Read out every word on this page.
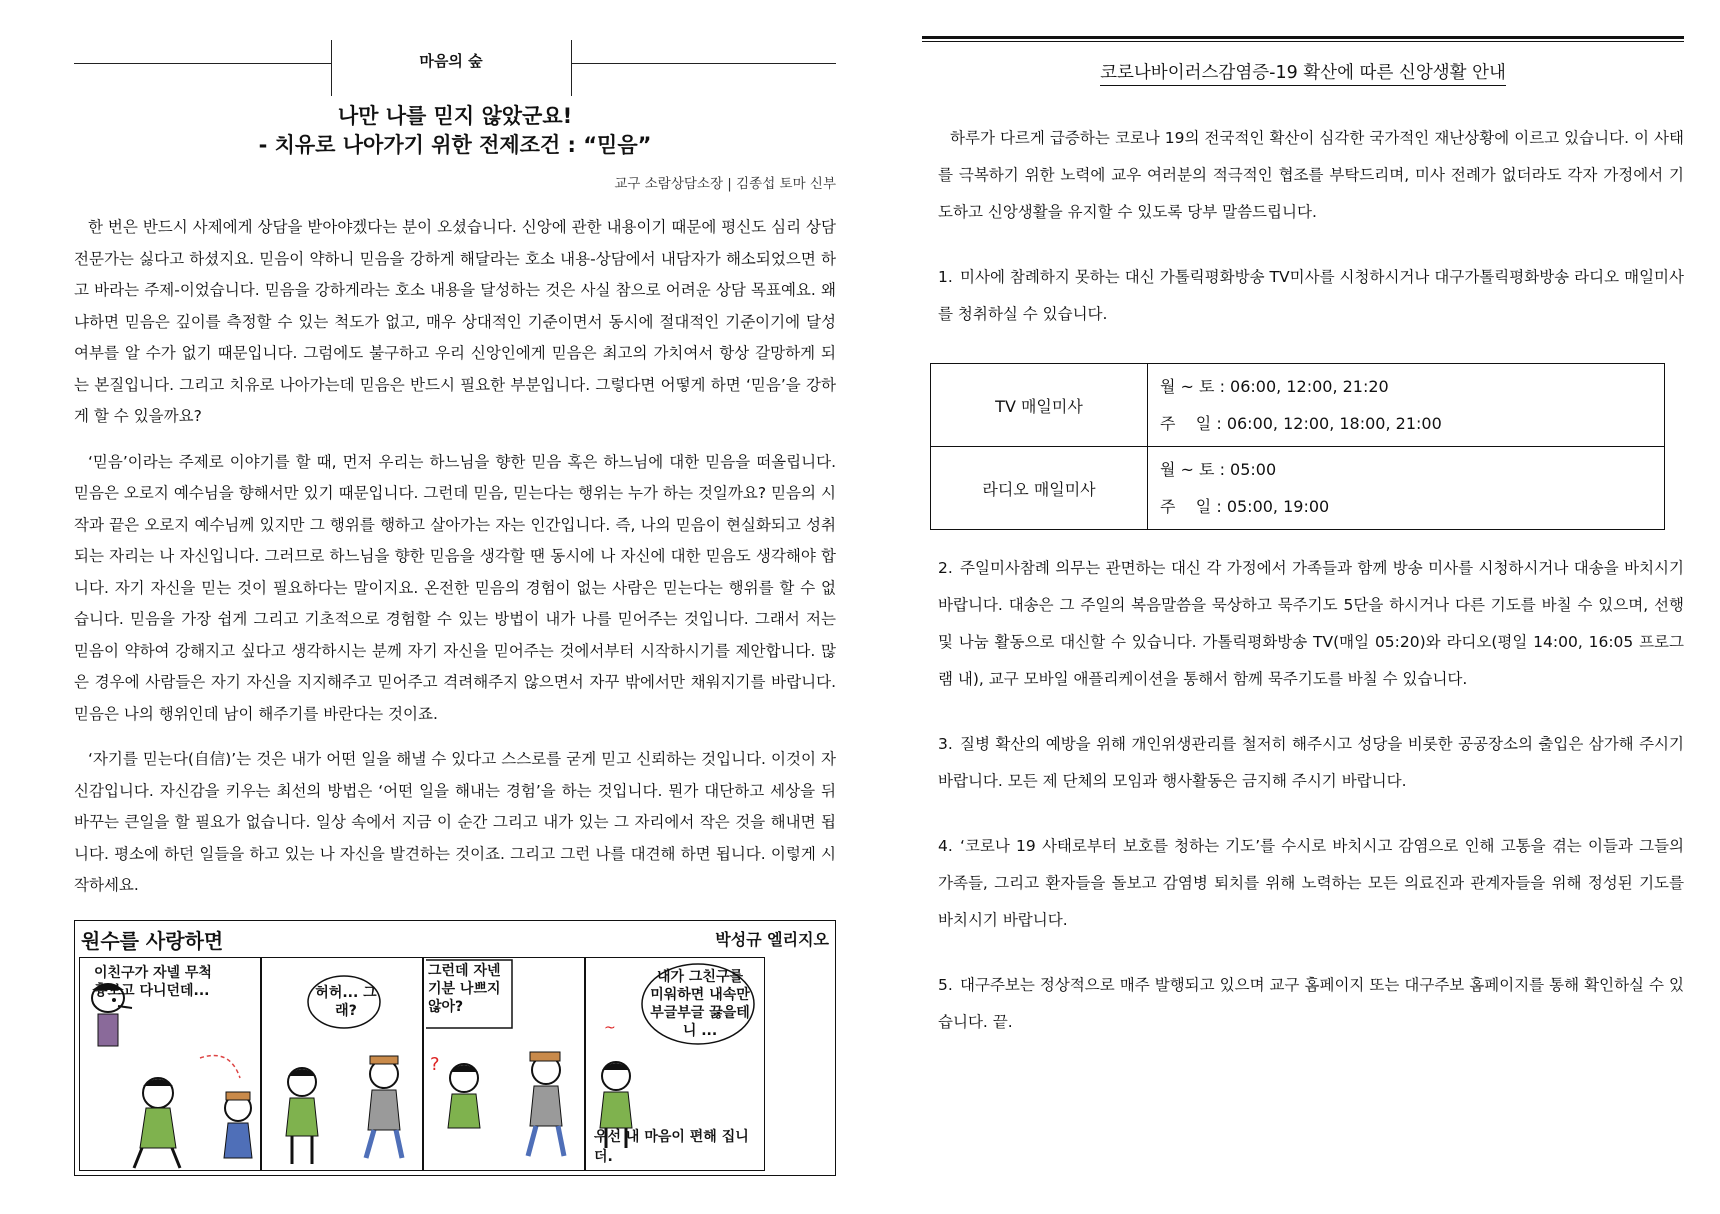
마음의 숲
나만 나를 믿지 않았군요!
- 치유로 나아가기 위한 전제조건 : “믿음”
교구 소람상담소장 | 김종섭 토마 신부

한 번은 반드시 사제에게 상담을 받아야겠다는 분이 오셨습니다. 신앙에 관한 내용이기 때문에 평신도 심리 상담 전문가는 싫다고 하셨지요. 믿음이 약하니 믿음을 강하게 해달라는 호소 내용-상담에서 내담자가 해소되었으면 하고 바라는 주제-이었습니다. 믿음을 강하게라는 호소 내용을 달성하는 것은 사실 참으로 어려운 상담 목표예요. 왜냐하면 믿음은 깊이를 측정할 수 있는 척도가 없고, 매우 상대적인 기준이면서 동시에 절대적인 기준이기에 달성 여부를 알 수가 없기 때문입니다. 그럼에도 불구하고 우리 신앙인에게 믿음은 최고의 가치여서 항상 갈망하게 되는 본질입니다. 그리고 치유로 나아가는데 믿음은 반드시 필요한 부분입니다. 그렇다면 어떻게 하면 ‘믿음’을 강하게 할 수 있을까요?

‘믿음’이라는 주제로 이야기를 할 때, 먼저 우리는 하느님을 향한 믿음 혹은 하느님에 대한 믿음을 떠올립니다. 믿음은 오로지 예수님을 향해서만 있기 때문입니다. 그런데 믿음, 믿는다는 행위는 누가 하는 것일까요? 믿음의 시작과 끝은 오로지 예수님께 있지만 그 행위를 행하고 살아가는 자는 인간입니다. 즉, 나의 믿음이 현실화되고 성취되는 자리는 나 자신입니다. 그러므로 하느님을 향한 믿음을 생각할 땐 동시에 나 자신에 대한 믿음도 생각해야 합니다. 자기 자신을 믿는 것이 필요하다는 말이지요. 온전한 믿음의 경험이 없는 사람은 믿는다는 행위를 할 수 없습니다. 믿음을 가장 쉽게 그리고 기초적으로 경험할 수 있는 방법이 내가 나를 믿어주는 것입니다. 그래서 저는 믿음이 약하여 강해지고 싶다고 생각하시는 분께 자기 자신을 믿어주는 것에서부터 시작하시기를 제안합니다. 많은 경우에 사람들은 자기 자신을 지지해주고 믿어주고 격려해주지 않으면서 자꾸 밖에서만 채워지기를 바랍니다. 믿음은 나의 행위인데 남이 해주기를 바란다는 것이죠.

‘자기를 믿는다(自信)’는 것은 내가 어떤 일을 해낼 수 있다고 스스로를 굳게 믿고 신뢰하는 것입니다. 이것이 자신감입니다. 자신감을 키우는 최선의 방법은 ‘어떤 일을 해내는 경험’을 하는 것입니다. 뭔가 대단하고 세상을 뒤바꾸는 큰일을 할 필요가 없습니다. 일상 속에서 지금 이 순간 그리고 내가 있는 그 자리에서 작은 것을 해내면 됩니다. 평소에 하던 일들을 하고 있는 나 자신을 발견하는 것이죠. 그리고 그런 나를 대견해 하면 됩니다. 이렇게 시작하세요.

원수를 사랑하면	박성규 엘리지오
이친구가 자넬 무척흉보고 다니던데...	허허... 그래?
?
그런데 자넨 기분 나쁘지 않아?
~
내가 그친구를 미워하면 내속만 부글부글 끓을테니 ...
우선 내 마음이 편해 집니더.
코로나바이러스감염증-19 확산에 따른 신앙생활 안내
하루가 다르게 급증하는 코로나 19의 전국적인 확산이 심각한 국가적인 재난상황에 이르고 있습니다. 이 사태를 극복하기 위한 노력에 교우 여러분의 적극적인 협조를 부탁드리며, 미사 전례가 없더라도 각자 가정에서 기도하고 신앙생활을 유지할 수 있도록 당부 말씀드립니다.
1. 미사에 참례하지 못하는 대신 가톨릭평화방송 TV미사를 시청하시거나 대구가톨릭평화방송 라디오 매일미사를 청취하실 수 있습니다.
TV 매일미사	월 ~ 토 : 06:00, 12:00, 21:20
주    일 : 06:00, 12:00, 18:00, 21:00

라디오 매일미사	월 ~ 토 : 05:00
주    일 : 05:00, 19:00
2. 주일미사참례 의무는 관면하는 대신 각 가정에서 가족들과 함께 방송 미사를 시청하시거나 대송을 바치시기 바랍니다. 대송은 그 주일의 복음말씀을 묵상하고 묵주기도 5단을 하시거나 다른 기도를 바칠 수 있으며, 선행 및 나눔 활동으로 대신할 수 있습니다. 가톨릭평화방송 TV(매일 05:20)와 라디오(평일 14:00, 16:05 프로그램 내), 교구 모바일 애플리케이션을 통해서 함께 묵주기도를 바칠 수 있습니다.
3. 질병 확산의 예방을 위해 개인위생관리를 철저히 해주시고 성당을 비롯한 공공장소의 출입은 삼가해 주시기 바랍니다. 모든 제 단체의 모임과 행사활동은 금지해 주시기 바랍니다.
4. ‘코로나 19 사태로부터 보호를 청하는 기도’를 수시로 바치시고 감염으로 인해 고통을 겪는 이들과 그들의 가족들, 그리고 환자들을 돌보고 감염병 퇴치를 위해 노력하는 모든 의료진과 관계자들을 위해 정성된 기도를 바치시기 바랍니다.
5. 대구주보는 정상적으로 매주 발행되고 있으며 교구 홈페이지 또는 대구주보 홈페이지를 통해 확인하실 수 있습니다. 끝.
